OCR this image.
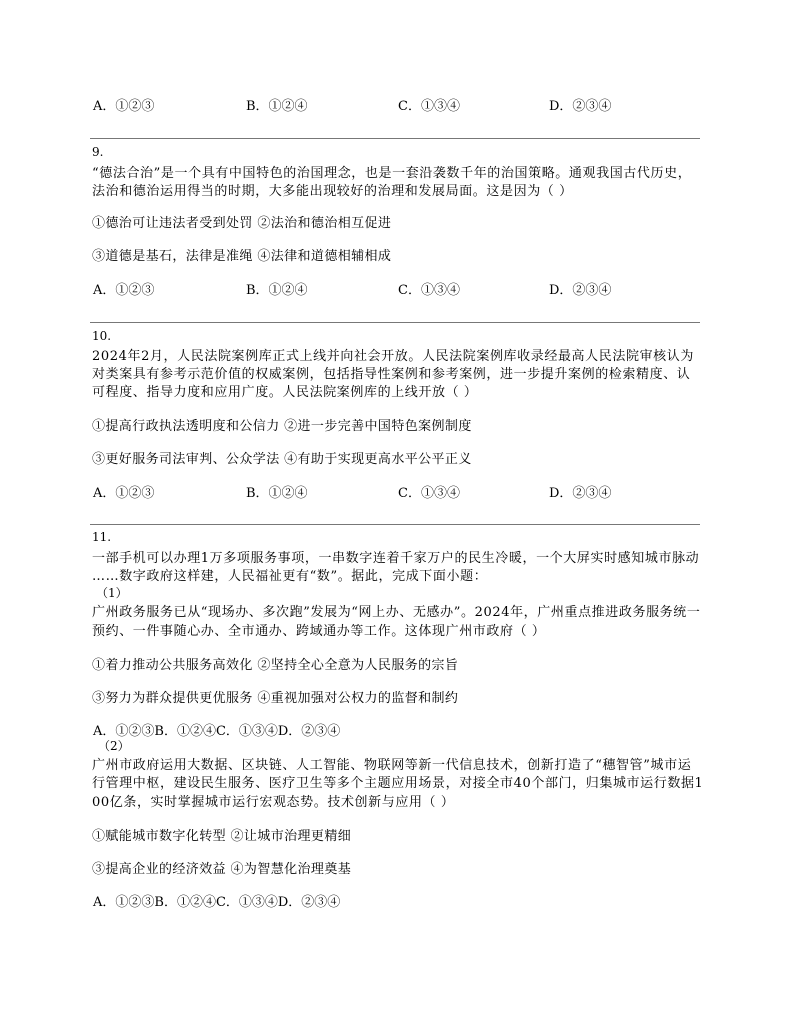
A．①②③	B．①②④	C．①③④	D．②③④
9.
“德法合治”是一个具有中国特色的治国理念，也是一套沿袭数千年的治国策略。通观我国古代历史，
法治和德治运用得当的时期，大多能出现较好的治理和发展局面。这是因为（ ）
①德治可让违法者受到处罚 ②法治和德治相互促进
③道德是基石，法律是准绳 ④法律和道德相辅相成
A．①②③	B．①②④	C．①③④	D．②③④
10.
2024年2月，人民法院案例库正式上线并向社会开放。人民法院案例库收录经最高人民法院审核认为
对类案具有参考示范价值的权威案例，包括指导性案例和参考案例，进一步提升案例的检索精度、认
可程度、指导力度和应用广度。人民法院案例库的上线开放（ ）
①提高行政执法透明度和公信力 ②进一步完善中国特色案例制度
③更好服务司法审判、公众学法 ④有助于实现更高水平公平正义
A．①②③	B．①②④	C．①③④	D．②③④
11.
一部手机可以办理1万多项服务事项，一串数字连着千家万户的民生冷暖，一个大屏实时感知城市脉动
……数字政府这样建，人民福祉更有“数”。据此，完成下面小题：
（1）
广州政务服务已从“现场办、多次跑”发展为“网上办、无感办”。2024年，广州重点推进政务服务统一
预约、一件事随心办、全市通办、跨域通办等工作。这体现广州市政府（ ）
①着力推动公共服务高效化 ②坚持全心全意为人民服务的宗旨
③努力为群众提供更优服务 ④重视加强对公权力的监督和制约
A．①②③B．①②④C．①③④D．②③④
（2）
广州市政府运用大数据、区块链、人工智能、物联网等新一代信息技术，创新打造了“穗智管”城市运
行管理中枢，建设民生服务、医疗卫生等多个主题应用场景，对接全市40个部门，归集城市运行数据1
00亿条，实时掌握城市运行宏观态势。技术创新与应用（ ）
①赋能城市数字化转型 ②让城市治理更精细
③提高企业的经济效益 ④为智慧化治理奠基
A．①②③B．①②④C．①③④D．②③④
